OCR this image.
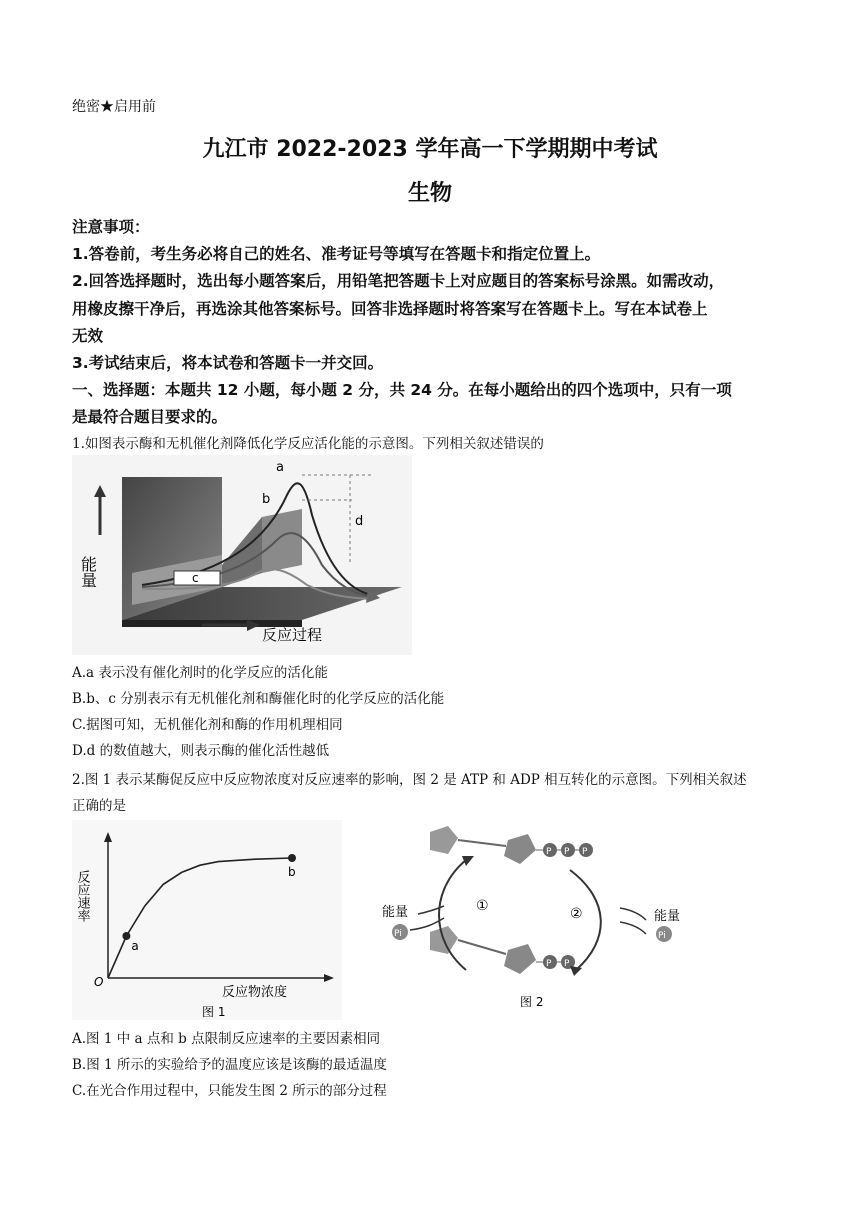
绝密★启用前
九江市 2022-2023 学年高一下学期期中考试
生物
注意事项：
1.答卷前，考生务必将自己的姓名、准考证号等填写在答题卡和指定位置上。
2.回答选择题时，选出每小题答案后，用铅笔把答题卡上对应题目的答案标号涂黑。如需改动，
用橡皮擦干净后，再选涂其他答案标号。回答非选择题时将答案写在答题卡上。写在本试卷上
无效
3.考试结束后，将本试卷和答题卡一并交回。
一、选择题：本题共 12 小题，每小题 2 分，共 24 分。在每小题给出的四个选项中，只有一项
是最符合题目要求的。
1.如图表示酶和无机催化剂降低化学反应活化能的示意图。下列相关叙述错误的
a
b
c
d
能量
反应过程
A.a 表示没有催化剂时的化学反应的活化能
B.b、c 分别表示有无机催化剂和酶催化时的化学反应的活化能
C.据图可知，无机催化剂和酶的作用机理相同
D.d 的数值越大，则表示酶的催化活性越低
2.图 1 表示某酶促反应中反应物浓度对反应速率的影响，图 2 是 ATP 和 ADP 相互转化的示意图。下列相关叙述
正确的是
a
b
O
反应速率
反应物浓度
图 1
P P P
P P
①	②
能量
Pi
能量
Pi
图 2
A.图 1 中 a 点和 b 点限制反应速率的主要因素相同
B.图 1 所示的实验给予的温度应该是该酶的最适温度
C.在光合作用过程中，只能发生图 2 所示的部分过程
